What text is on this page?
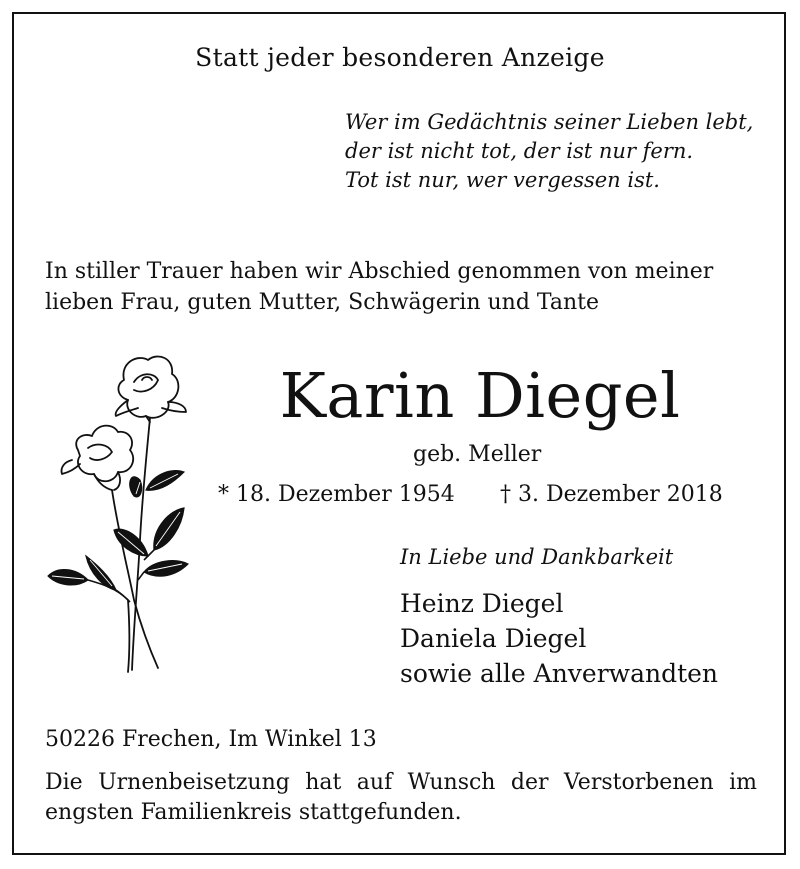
Statt jeder besonderen Anzeige
Wer im Gedächtnis seiner Lieben lebt,
der ist nicht tot, der ist nur fern.
Tot ist nur, wer vergessen ist.
In stiller Trauer haben wir Abschied genommen von meiner
lieben Frau, guten Mutter, Schwägerin und Tante
Karin Diegel
geb. Meller
* 18. Dezember 1954 † 3. Dezember 2018
In Liebe und Dankbarkeit
Heinz Diegel
Daniela Diegel
sowie alle Anverwandten
50226 Frechen, Im Winkel 13
Die Urnenbeisetzung hat auf Wunsch der Verstorbenen im
engsten Familienkreis stattgefunden.
